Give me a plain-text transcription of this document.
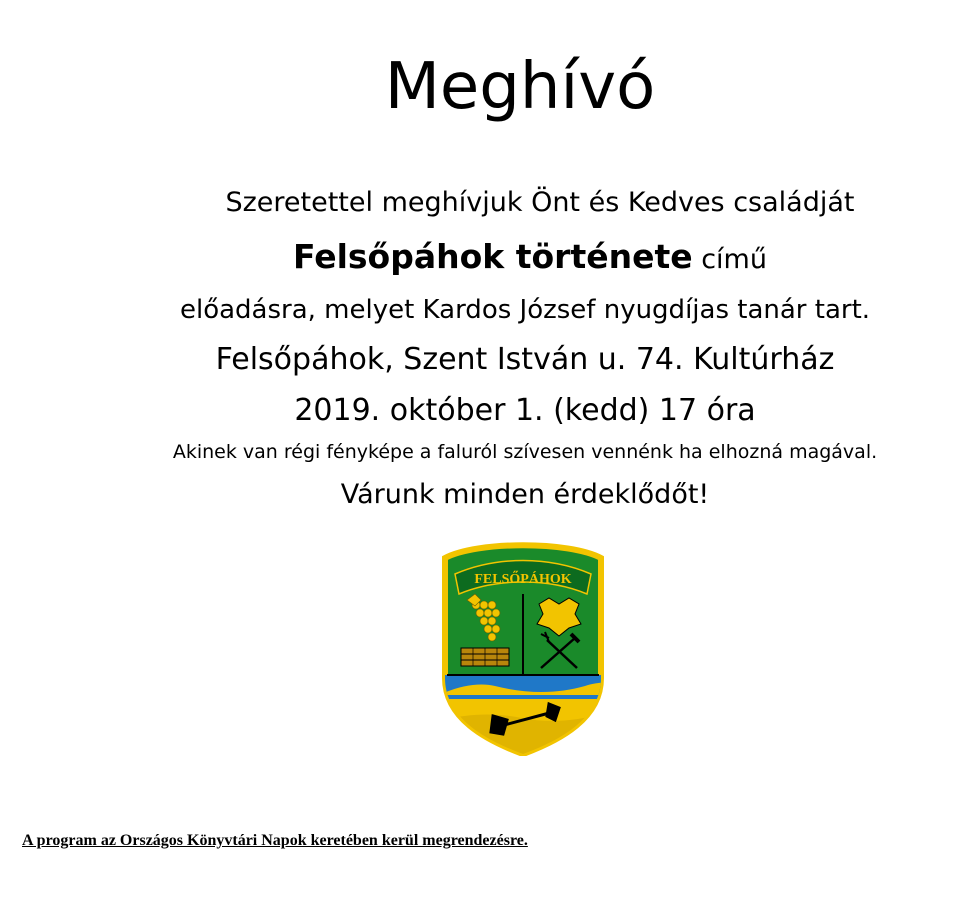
Meghívó
Szeretettel meghívjuk Önt és Kedves családját
Felsőpáhok története című
előadásra, melyet Kardos József nyugdíjas tanár tart.
Felsőpáhok, Szent István u. 74. Kultúrház
2019. október 1. (kedd) 17 óra
Akinek van régi fényképe a faluról szívesen vennénk ha elhozná magával.
Várunk minden érdeklődőt!
FELSŐPÁHOK
A program az Országos Könyvtári Napok keretében kerül megrendezésre.
